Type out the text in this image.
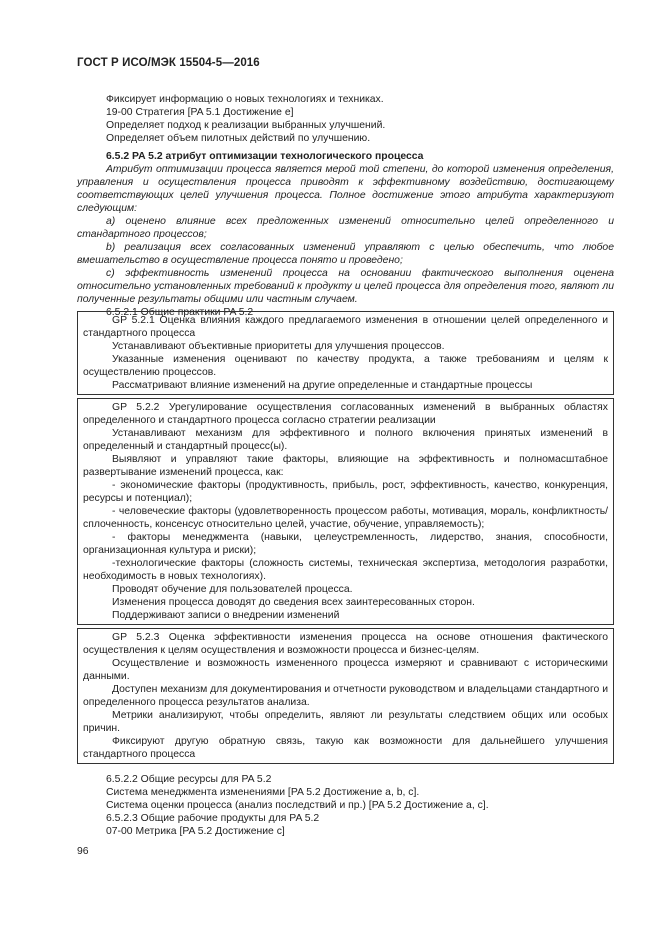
ГОСТ Р ИСО/МЭК 15504-5—2016

Фиксирует информацию о новых технологиях и техниках.

19-00 Стратегия [PA 5.1 Достижение e]

Определяет подход к реализации выбранных улучшений.

Определяет объем пилотных действий по улучшению.

6.5.2 PA 5.2 атрибут оптимизации технологического процесса

Атрибут оптимизации процесса является мерой той степени, до которой изменения определения, управления и осуществления процесса приводят к эффективному воздействию, достигающему соответствующих целей улучшения процесса. Полное достижение этого атрибута характеризуют следующим:

a) оценено влияние всех предложенных изменений относительно целей определенного и стандартного процессов;

b) реализация всех согласованных изменений управляют с целью обеспечить, что любое вмешательство в осуществление процесса понято и проведено;

c) эффективность изменений процесса на основании фактического выполнения оценена относительно установленных требований к продукту и целей процесса для определения того, являют ли полученные результаты общими или частным случаем.

6.5.2.1 Общие практики PA 5.2

GP 5.2.1 Оценка влияния каждого предлагаемого изменения в отношении целей определенного и стандартного процесса

Устанавливают объективные приоритеты для улучшения процессов.

Указанные изменения оценивают по качеству продукта, а также требованиям и целям к осуществлению процессов.

Рассматривают влияние изменений на другие определенные и стандартные процессы

GP 5.2.2 Урегулирование осуществления согласованных изменений в выбранных областях определенного и стандартного процесса согласно стратегии реализации

Устанавливают механизм для эффективного и полного включения принятых изменений в определенный и стандартный процесс(ы).

Выявляют и управляют такие факторы, влияющие на эффективность и полномасштабное развертывание изменений процесса, как:

- экономические факторы (продуктивность, прибыль, рост, эффективность, качество, конкуренция, ресурсы и потенциал);

- человеческие факторы (удовлетворенность процессом работы, мотивация, мораль, конфликтность/сплоченность, консенсус относительно целей, участие, обучение, управляемость);

- факторы менеджмента (навыки, целеустремленность, лидерство, знания, способности, организационная культура и риски);

-технологические факторы (сложность системы, техническая экспертиза, методология разработки, необходимость в новых технологиях).

Проводят обучение для пользователей процесса.

Изменения процесса доводят до сведения всех заинтересованных сторон.

Поддерживают записи о внедрении изменений

GP 5.2.3 Оценка эффективности изменения процесса на основе отношения фактического осуществления к целям осуществления и возможности процесса и бизнес-целям.

Осуществление и возможность измененного процесса измеряют и сравнивают с историческими данными.

Доступен механизм для документирования и отчетности руководством и владельцами стандартного и определенного процесса результатов анализа.

Метрики анализируют, чтобы определить, являют ли результаты следствием общих или особых причин.

Фиксируют другую обратную связь, такую как возможности для дальнейшего улучшения стандартного процесса

6.5.2.2 Общие ресурсы для PA 5.2

Система менеджмента изменениями [PA 5.2 Достижение a, b, c].

Система оценки процесса (анализ последствий и пр.) [PA 5.2 Достижение a, c].

6.5.2.3 Общие рабочие продукты для PA 5.2

07-00 Метрика [PA 5.2 Достижение c]

96
